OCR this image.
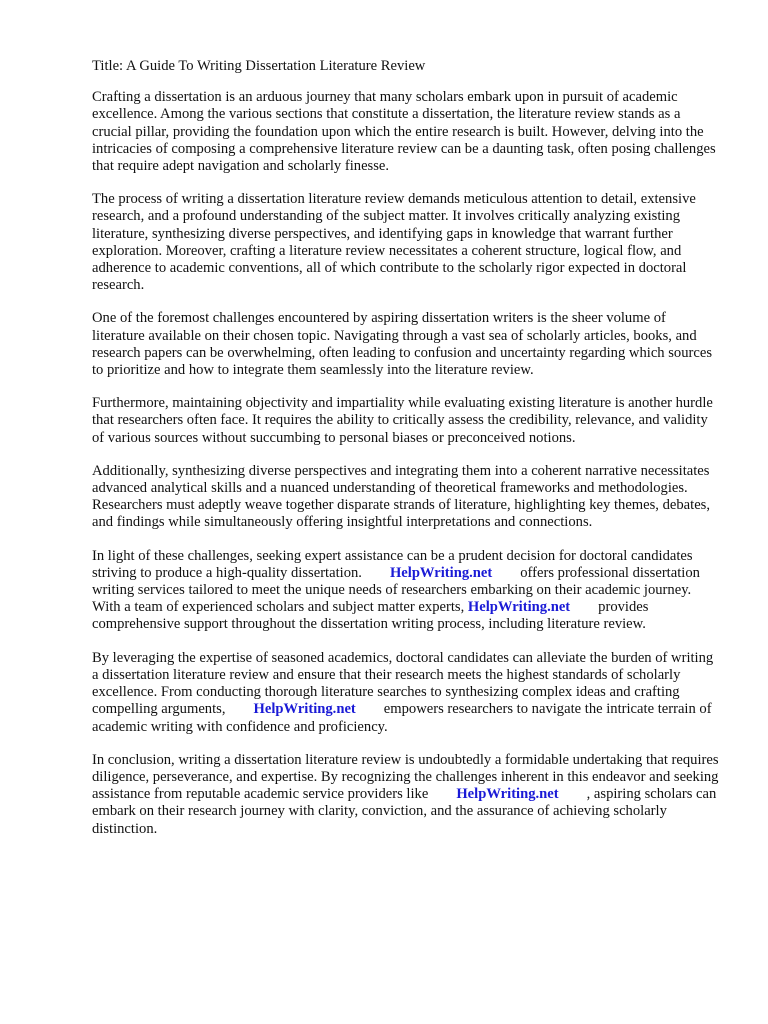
Title: A Guide To Writing Dissertation Literature Review

Crafting a dissertation is an arduous journey that many scholars embark upon in pursuit of academic excellence. Among the various sections that constitute a dissertation, the literature review stands as a crucial pillar, providing the foundation upon which the entire research is built. However, delving into the intricacies of composing a comprehensive literature review can be a daunting task, often posing challenges that require adept navigation and scholarly finesse.

The process of writing a dissertation literature review demands meticulous attention to detail, extensive research, and a profound understanding of the subject matter. It involves critically analyzing existing literature, synthesizing diverse perspectives, and identifying gaps in knowledge that warrant further exploration. Moreover, crafting a literature review necessitates a coherent structure, logical flow, and adherence to academic conventions, all of which contribute to the scholarly rigor expected in doctoral research.

One of the foremost challenges encountered by aspiring dissertation writers is the sheer volume of literature available on their chosen topic. Navigating through a vast sea of scholarly articles, books, and research papers can be overwhelming, often leading to confusion and uncertainty regarding which sources to prioritize and how to integrate them seamlessly into the literature review.

Furthermore, maintaining objectivity and impartiality while evaluating existing literature is another hurdle that researchers often face. It requires the ability to critically assess the credibility, relevance, and validity of various sources without succumbing to personal biases or preconceived notions.

Additionally, synthesizing diverse perspectives and integrating them into a coherent narrative necessitates advanced analytical skills and a nuanced understanding of theoretical frameworks and methodologies. Researchers must adeptly weave together disparate strands of literature, highlighting key themes, debates, and findings while simultaneously offering insightful interpretations and connections.

In light of these challenges, seeking expert assistance can be a prudent decision for doctoral candidates striving to produce a high-quality dissertation. HelpWriting.net offers professional dissertation writing services tailored to meet the unique needs of researchers embarking on their academic journey. With a team of experienced scholars and subject matter experts, HelpWriting.net provides comprehensive support throughout the dissertation writing process, including literature review.

By leveraging the expertise of seasoned academics, doctoral candidates can alleviate the burden of writing a dissertation literature review and ensure that their research meets the highest standards of scholarly excellence. From conducting thorough literature searches to synthesizing complex ideas and crafting compelling arguments, HelpWriting.net empowers researchers to navigate the intricate terrain of academic writing with confidence and proficiency.

In conclusion, writing a dissertation literature review is undoubtedly a formidable undertaking that requires diligence, perseverance, and expertise. By recognizing the challenges inherent in this endeavor and seeking assistance from reputable academic service providers like HelpWriting.net , aspiring scholars can embark on their research journey with clarity, conviction, and the assurance of achieving scholarly distinction.
